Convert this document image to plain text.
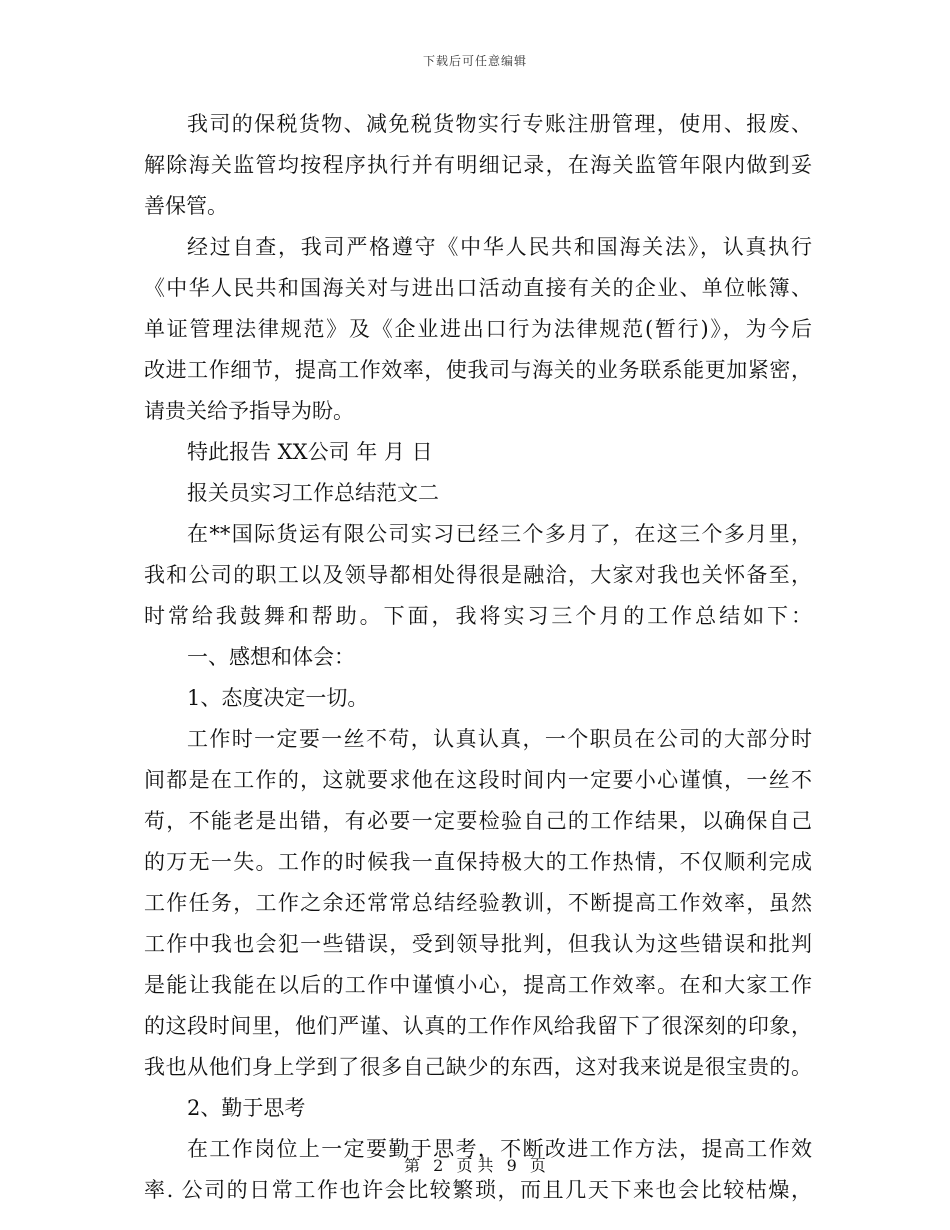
下载后可任意编辑
我司的保税货物、减免税货物实行专账注册管理，使用、报废、
解除海关监管均按程序执行并有明细记录，在海关监管年限内做到妥
善保管。
经过自查，我司严格遵守《中华人民共和国海关法》，认真执行
《中华人民共和国海关对与进出口活动直接有关的企业、单位帐簿、
单证管理法律规范》及《企业进出口行为法律规范(暂行)》，为今后
改进工作细节，提高工作效率，使我司与海关的业务联系能更加紧密，
请贵关给予指导为盼。
特此报告 XX公司 年 月 日
报关员实习工作总结范文二
在**国际货运有限公司实习已经三个多月了，在这三个多月里，
我和公司的职工以及领导都相处得很是融洽，大家对我也关怀备至，
时常给我鼓舞和帮助。下面，我将实习三个月的工作总结如下：
一、感想和体会：
1、态度决定一切。
工作时一定要一丝不苟，认真认真，一个职员在公司的大部分时
间都是在工作的，这就要求他在这段时间内一定要小心谨慎，一丝不
苟，不能老是出错，有必要一定要检验自己的工作结果，以确保自己
的万无一失。工作的时候我一直保持极大的工作热情，不仅顺利完成
工作任务，工作之余还常常总结经验教训，不断提高工作效率，虽然
工作中我也会犯一些错误，受到领导批判，但我认为这些错误和批判
是能让我能在以后的工作中谨慎小心，提高工作效率。在和大家工作
的这段时间里，他们严谨、认真的工作作风给我留下了很深刻的印象，
我也从他们身上学到了很多自己缺少的东西，这对我来说是很宝贵的。
2、勤于思考
在工作岗位上一定要勤于思考，不断改进工作方法，提高工作效
率. 公司的日常工作也许会比较繁琐，而且几天下来也会比较枯燥，
第 2 页 共 9 页
